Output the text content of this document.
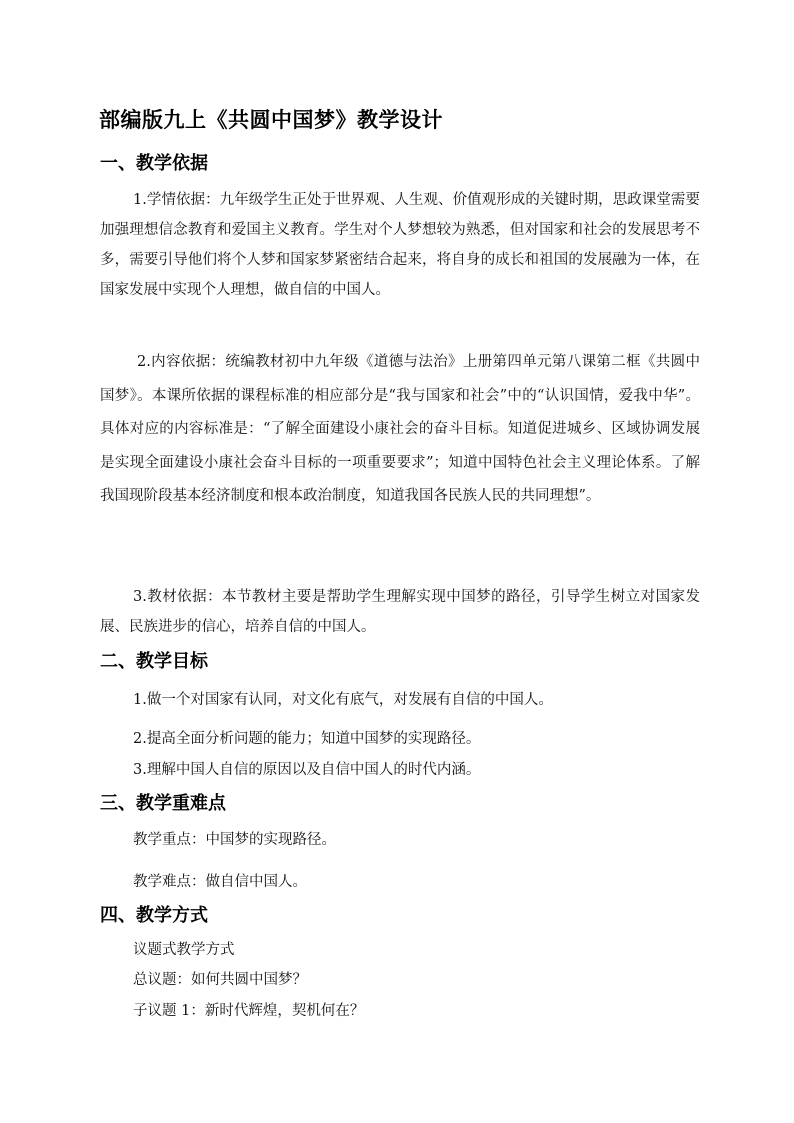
部编版九上《共圆中国梦》教学设计
一、教学依据
1.学情依据：九年级学生正处于世界观、人生观、价值观形成的关键时期，思政课堂需要加强理想信念教育和爱国主义教育。学生对个人梦想较为熟悉，但对国家和社会的发展思考不多，需要引导他们将个人梦和国家梦紧密结合起来，将自身的成长和祖国的发展融为一体，在国家发展中实现个人理想，做自信的中国人。
2.内容依据：统编教材初中九年级《道德与法治》上册第四单元第八课第二框《共圆中国梦》。本课所依据的课程标准的相应部分是“我与国家和社会”中的“认识国情，爱我中华”。具体对应的内容标准是：“了解全面建设小康社会的奋斗目标。知道促进城乡、区域协调发展是实现全面建设小康社会奋斗目标的一项重要要求”；知道中国特色社会主义理论体系。了解我国现阶段基本经济制度和根本政治制度，知道我国各民族人民的共同理想”。
3.教材依据：本节教材主要是帮助学生理解实现中国梦的路径，引导学生树立对国家发展、民族进步的信心，培养自信的中国人。
二、教学目标
1.做一个对国家有认同，对文化有底气，对发展有自信的中国人。
2.提高全面分析问题的能力；知道中国梦的实现路径。
3.理解中国人自信的原因以及自信中国人的时代内涵。
三、教学重难点
教学重点：中国梦的实现路径。
教学难点：做自信中国人。
四、教学方式
议题式教学方式
总议题：如何共圆中国梦？
子议题 1：新时代辉煌，契机何在？
